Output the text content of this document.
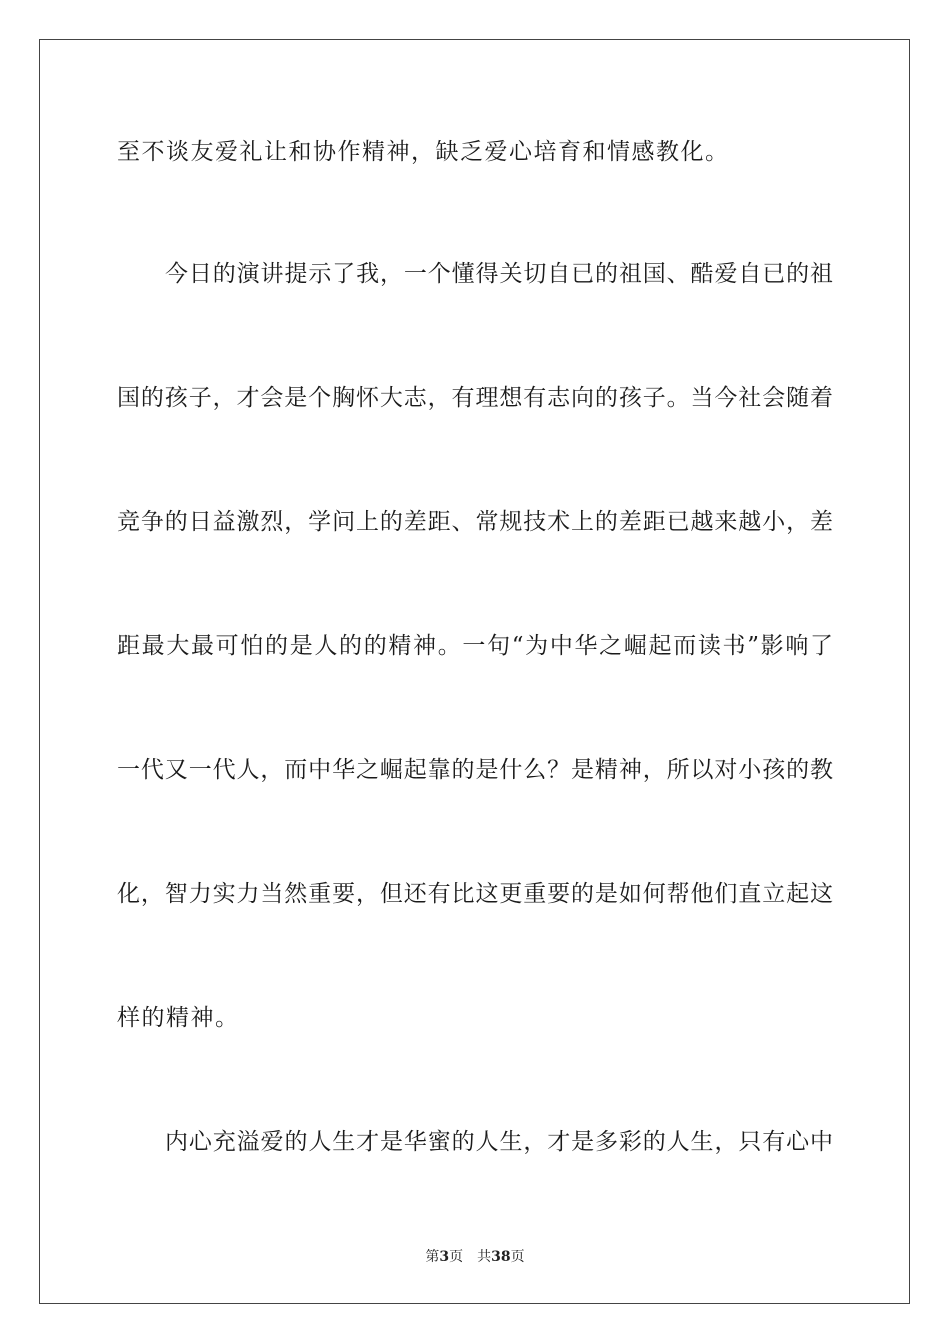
至不谈友爱礼让和协作精神，缺乏爱心培育和情感教化。
今日的演讲提示了我，一个懂得关切自已的祖国、酷爱自已的祖
国的孩子，才会是个胸怀大志，有理想有志向的孩子。当今社会随着
竞争的日益激烈，学问上的差距、常规技术上的差距已越来越小，差
距最大最可怕的是人的的精神。一句“为中华之崛起而读书”影响了
一代又一代人，而中华之崛起靠的是什么？是精神，所以对小孩的教
化，智力实力当然重要，但还有比这更重要的是如何帮他们直立起这
样的精神。
内心充溢爱的人生才是华蜜的人生，才是多彩的人生，只有心中
第3页 共38页
